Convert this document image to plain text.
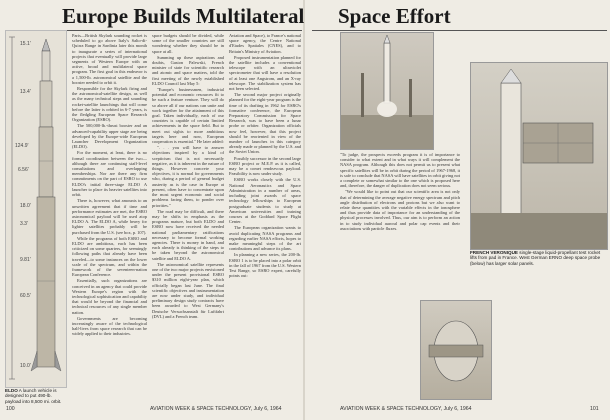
Europe Builds Multilateral Space Effort
15.1'
13.4'
124.9'
6.56'
18.0'
3.3'
9.81'
60.5'
10.0'
ELDO A launch vehicle is designed to put 490-lb. payload into 8,500 mi. orbit.

Paris—British Skylark sounding rocket is scheduled to go above Italy's Salto-di-Quirra Range in Sardinia later this month to inaugurate a series of international projects that eventually will provide large segments of Western Europe with an active, broad and multilateral space program. The first goal in this endeavor is a 1,500-lb. astronomical satellite and the booster needed to orbit it.

Responsible for the Skylark firing and the astronomical-satellite design, as well as the many technical steps and sounding rocket-satellite launchings that will come before the latter is orbited in 6-7 years, is the fledgling European Space Research Organization (ESRO).

The 500,000-lb.-thrust booster and an advanced-capability upper stage are being developed by the Europe-wide European Launcher Development Organization (ELDO).

For the moment, at least, there is no formal coordination between the two—although there are continuing staff-level consultations and overlapping memberships. Nor are there any firm commitments on the part of ESRO to use ELDO's initial three-stage ELDO A launcher to place its heavier satellites into orbit.

There is, however, what amounts to an unwritten agreement that if time and performance estimates are met, the ESRO astronomical payload will be used atop ELDO A. The ELDO A, while heavy for lighter satellites probably will be purchased from the U.S. (see box, p. 107).

While the programs of both ESRO and ELDO are ambitious, each has been criticized on some quarters, for seemingly following paths that already have been traveled—to some instances on the lower scale of the spectrum, and within the framework of the seventeen-nation European Conference.

Essentially, such organizations are conceived in an agency that could provide Western Europe's region with the technological sophistication and capability that would be beyond the financial and technical resources of any single member nation.

Governments are becoming increasingly aware of the technological half-lives from space research that can be widely applied to their industries.

space budgets should be divided, while some of the smaller countries are still wondering whether they should be in space at all.

Summing up these aspirations and doubts, Gaston Palewski, French minister of state for scientific research and atomic and space matters, told the first meeting of the newly established ELDO Council last May 5:

"Europe's businessmen, industrial potential and economic resources fit to be such a feature venture. They will do so above all if our nations can unite and work together for the attainment of this goal. Taken individually, each of our countries is capable of certain limited achievements in the space field. But to meet out sights to more ambitious targets here and now, European cooperation is essential." He later added:

". . . you will have to answer objections inspired by a kind of scepticism that is not necessarily negative, as it is inherent in the nature of things. However concrete your objectives, it is normal for governments who, during a period of general budget austerity as is the case in Europe at present, often have to concentrate upon the most urgent economic and social problems facing them, to ponder over priorities."

The road may be difficult, and there may be shifts in emphasis as the programs mature, but both ELDO and ESRO now have received the needed national parliamentary ratifications necessary to become formal working agencies. There is money in hand, and each already is thinking of the steps to be taken beyond the astronomical satellite and ELDO A.

The astronomical satellite represents one of the two major projects envisioned under the present provisional ESRO $310 million eight-year plan, which officially began last June. The final scientific objectives and instrumentation are now under study, and individual preliminary design study contracts have been awarded to West Germany's Deutsche Versuchsanstalt für Luftfahrt (DVL) and a French team.

Aviation and Space), to France's national space agency, the Centre National d'Etudes Spatiales (CNES), and to Britain's Ministry of Aviation.

Proposed instrumentation planned for the satellite includes a conventional telescope with an ultraviolet spectrometer that will have a resolution of at least one Angstrom, and an X-ray telescope. The stabilization system has not been selected.

The second major project originally planned for the eight-year program is the time of its drafting in 1962 for ESRO's formative conference, the European Preparatory Commission for Space Research, was to have been a lunar probe or orbiter. Organization officials now feel, however, that this project should be reoriented in view of the number of launches in this category already made or planned by the U.S. and the Soviet Union.

Possibly successor in the second large ESRO project or M.E.P. as it is called, may be a comet rendezvous payload. Feasibility is now under study.

ESRO works closely with the U.S. National Aeronautics and Space Administration in a number of areas, including joint awards of space technology fellowships to European postgraduate students to study at American universities and training courses at the Goddard Space Flight Center.

The European organization wants to avoid duplicating NASA programs and regarding earlier NASA efforts, hopes to make meaningful steps of the art contributions and advance its plans.

In planning a new series, the 200-lb. ESRO 1 is to be placed into a polar orbit in the fall of 1967 from the U.S. Western Test Range, so ESRO expert, carefully points out:

FRENCH VERONIQUE single-stage liquid-propellant test rocket lifts from pad in France. West German ERNO deep space probe (below) has larger solar panels.

"To judge, the prospects exceeds program it is of importance to consider to what extent and in what ways it will complement the NASA program. Although this does not permit us to present what specific satellites will be in orbit during the period of 1967-1968, it is safe to conclude that NASA will have satellites in orbit giving not a complete or somewhat similar to the one which is proposed here and, therefore, the danger of duplication does not seem serious.

"We would like to point out that our scientific area is not only that of determining the average negative energy spectrum and pitch angle distribution of electrons and protons but we also want to relate these quantities with the variable effects in the ionosphere and thus provide data of importance for an understanding of the physical processes involved. Thus, our aim is to perform an action in to study individual auroral and polar cap events and their associations with particle fluxes.

100	AVIATION WEEK & SPACE TECHNOLOGY, July 6, 1964	AVIATION WEEK & SPACE TECHNOLOGY, July 6, 1964	101
